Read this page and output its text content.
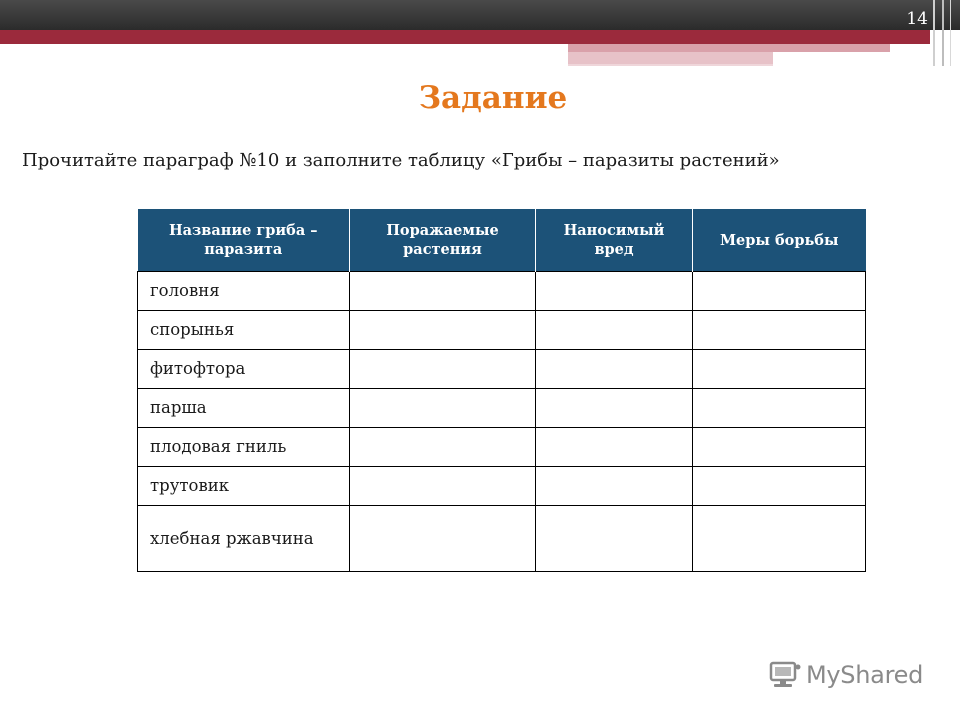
14
Задание
Прочитайте параграф №10 и заполните таблицу «Грибы – паразиты растений»
Название гриба – паразита	Поражаемые растения	Наносимый вред	Меры борьбы
головня			
спорынья			
фитофтора			
парша			
плодовая гниль			
трутовик			
хлебная ржавчина			
MyShared
